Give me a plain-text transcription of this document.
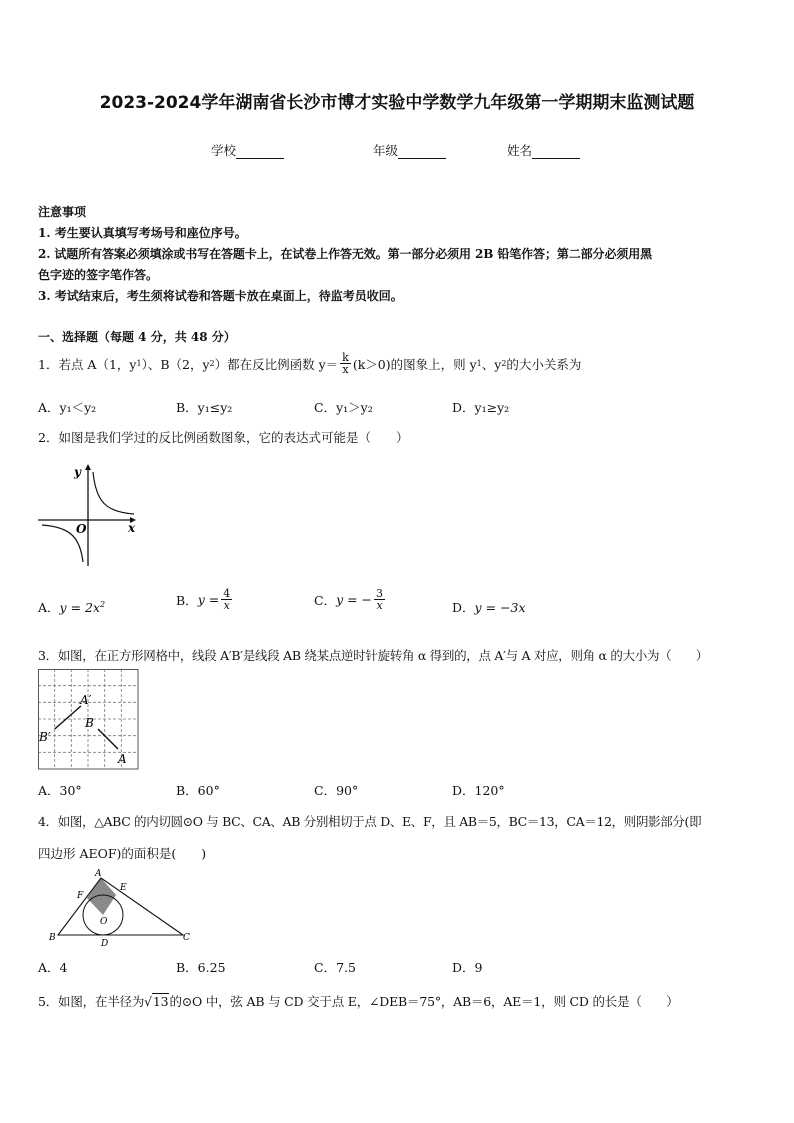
2023-2024学年湖南省长沙市博才实验中学数学九年级第一学期期末监测试题
学校	年级	姓名
注意事项
1. 考生要认真填写考场号和座位序号。
2. 试题所有答案必须填涂或书写在答题卡上，在试卷上作答无效。第一部分必须用 2B 铅笔作答；第二部分必须用黑
色字迹的签字笔作答。
3. 考试结束后，考生须将试卷和答题卡放在桌面上，待监考员收回。
一、选择题（每题 4 分，共 48 分）
1．若点 A（1，y 1 ）、B（2，y 2 ）都在反比例函数 $y= \frac{k}{x} (k>0)$ 的图象上，则 y 1 、y 2 的大小关系为
A．y₁＜y₂	B．y₁≤y₂	C．y₁＞y₂	D．y₁≥y₂
2．如图是我们学过的反比例函数图象，它的表达式可能是（　　）
y
x
O
A．$y = 2x^2$	B． $y = \frac{4}{x}$	C． y = − $\frac{3}{x}$	D．y = −3x
3．如图，在正方形网格中，线段 A′B′是线段 AB 绕某点逆时针旋转角 α 得到的，点 A′与 A 对应，则角 α 的大小为（　　）
A′
B′
B
A
A．30°	B．60°	C．90°	D．120°
4．如图，△ABC 的内切圆⊙O 与 BC、CA、AB 分别相切于点 D、E、F，且 AB＝5，BC＝13，CA＝12，则阴影部分(即
四边形 AEOF)的面积是(　　)
A
E
F
O
B
D
C
A．4	B．6.25	C．7.5	D．9
5．如图，在半径为√13的⊙O 中，弦 AB 与 CD 交于点 E，∠DEB＝75°，AB＝6，AE＝1，则 CD 的长是（　　）
